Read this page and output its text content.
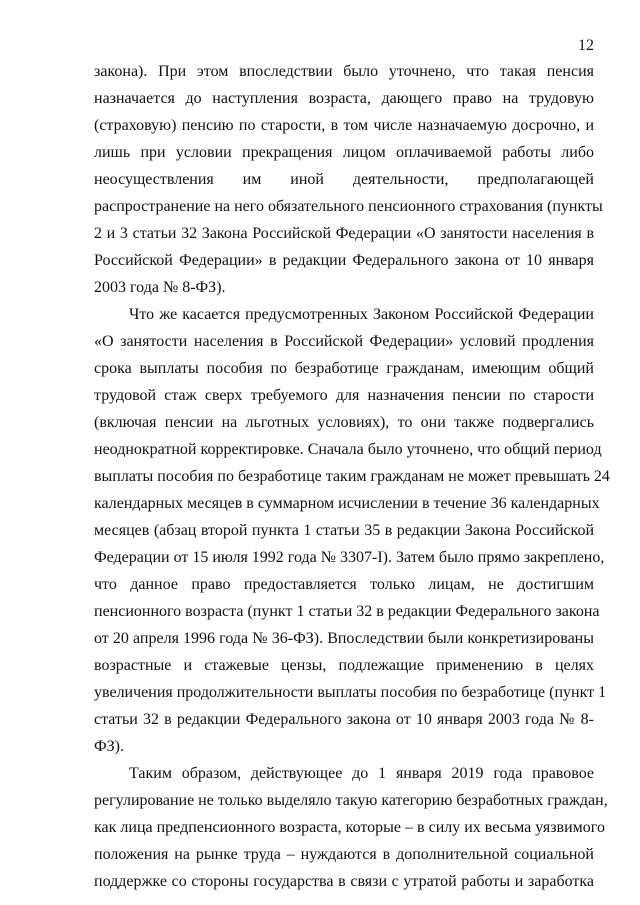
12
закона). При этом впоследствии было уточнено, что такая пенсия
назначается до наступления возраста, дающего право на трудовую
(страховую) пенсию по старости, в том числе назначаемую досрочно, и
лишь при условии прекращения лицом оплачиваемой работы либо
неосуществления им иной деятельности, предполагающей
распространение на него обязательного пенсионного страхования (пункты
2 и 3 статьи 32 Закона Российской Федерации «О занятости населения в
Российской Федерации» в редакции Федерального закона от 10 января
2003 года № 8-ФЗ).
Что же касается предусмотренных Законом Российской Федерации
«О занятости населения в Российской Федерации» условий продления
срока выплаты пособия по безработице гражданам, имеющим общий
трудовой стаж сверх требуемого для назначения пенсии по старости
(включая пенсии на льготных условиях), то они также подвергались
неоднократной корректировке. Сначала было уточнено, что общий период
выплаты пособия по безработице таким гражданам не может превышать 24
календарных месяцев в суммарном исчислении в течение 36 календарных
месяцев (абзац второй пункта 1 статьи 35 в редакции Закона Российской
Федерации от 15 июля 1992 года № 3307-I). Затем было прямо закреплено,
что данное право предоставляется только лицам, не достигшим
пенсионного возраста (пункт 1 статьи 32 в редакции Федерального закона
от 20 апреля 1996 года № 36-ФЗ). Впоследствии были конкретизированы
возрастные и стажевые цензы, подлежащие применению в целях
увеличения продолжительности выплаты пособия по безработице (пункт 1
статьи 32 в редакции Федерального закона от 10 января 2003 года № 8-
ФЗ).
Таким образом, действующее до 1 января 2019 года правовое
регулирование не только выделяло такую категорию безработных граждан,
как лица предпенсионного возраста, которые – в силу их весьма уязвимого
положения на рынке труда – нуждаются в дополнительной социальной
поддержке со стороны государства в связи с утратой работы и заработка
